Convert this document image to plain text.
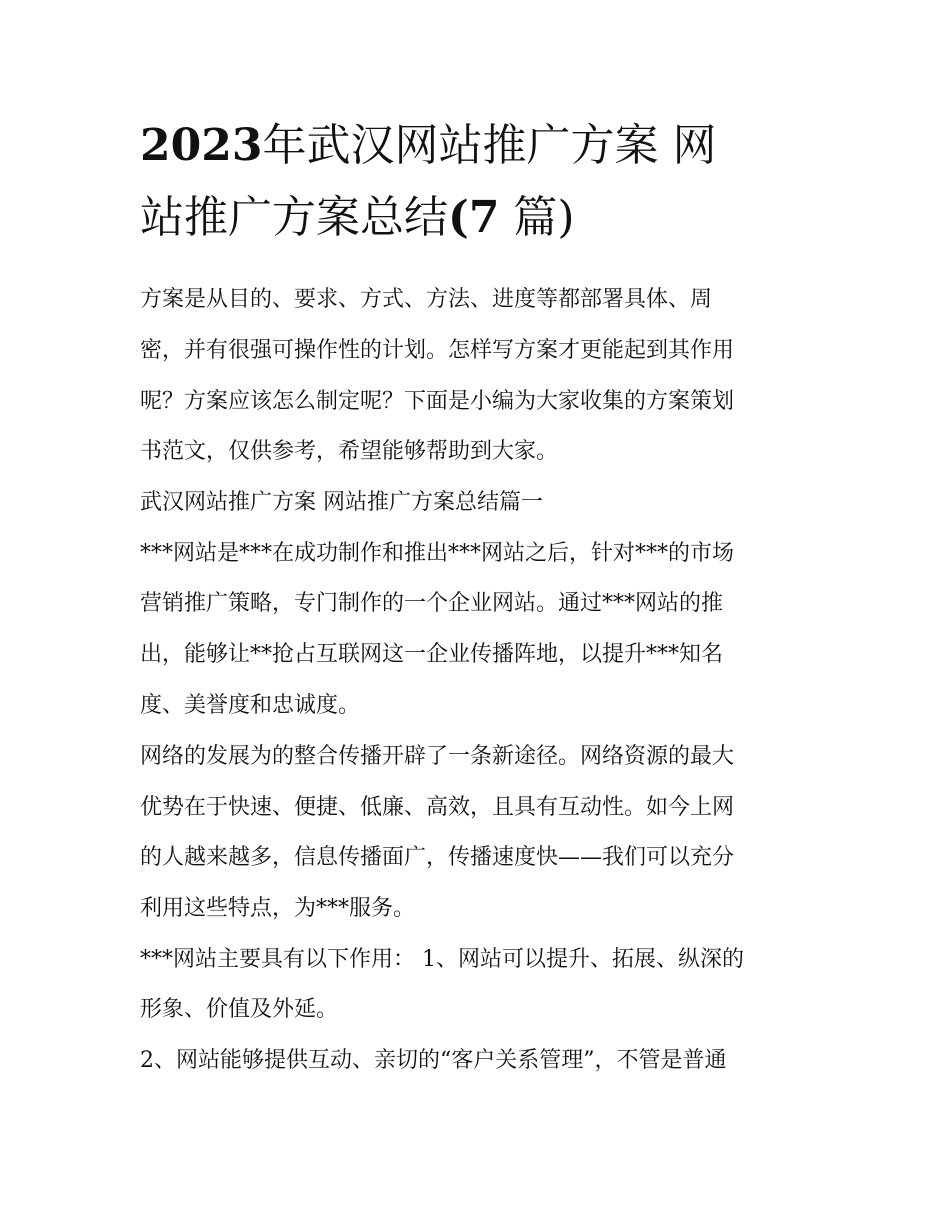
2023年武汉网站推广方案 网
站推广方案总结(7 篇)
方案是从目的、要求、方式、方法、进度等都部署具体、周
密，并有很强可操作性的计划。怎样写方案才更能起到其作用
呢？方案应该怎么制定呢？下面是小编为大家收集的方案策划
书范文，仅供参考，希望能够帮助到大家。
武汉网站推广方案 网站推广方案总结篇一
***网站是***在成功制作和推出***网站之后，针对***的市场
营销推广策略，专门制作的一个企业网站。通过***网站的推
出，能够让**抢占互联网这一企业传播阵地，以提升***知名
度、美誉度和忠诚度。
网络的发展为的整合传播开辟了一条新途径。网络资源的最大
优势在于快速、便捷、低廉、高效，且具有互动性。如今上网
的人越来越多，信息传播面广，传播速度快——我们可以充分
利用这些特点，为***服务。
***网站主要具有以下作用： 1、网站可以提升、拓展、纵深的
形象、价值及外延。
2、网站能够提供互动、亲切的“客户关系管理”，不管是普通
